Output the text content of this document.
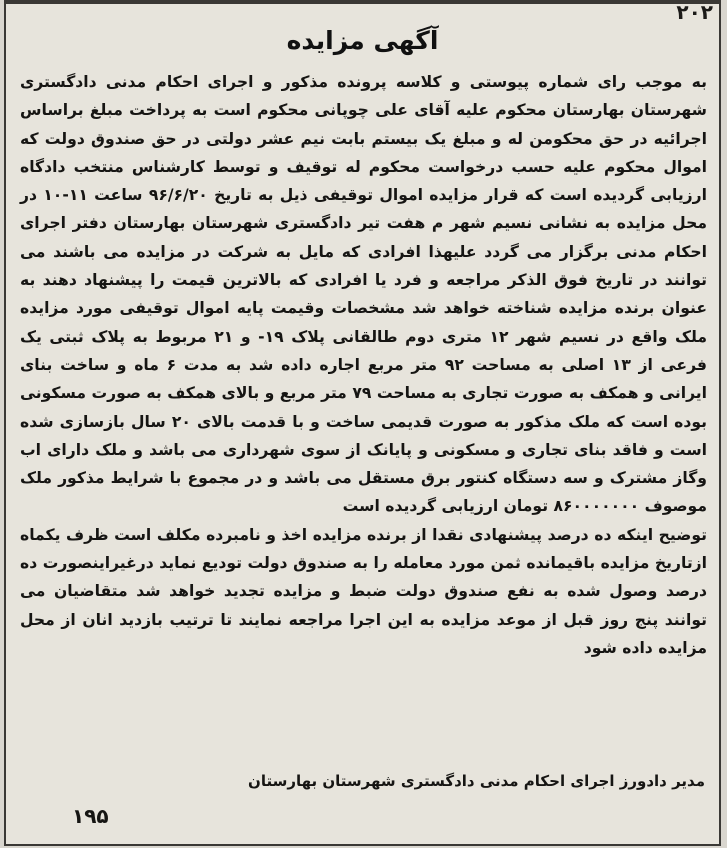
۲۰۲
آگهی مزایده

به موجب رای شماره پیوستی و کلاسه پرونده مذکور و اجرای احکام مدنی دادگستری شهرستان بهارستان محکوم علیه آقای علی چوپانی محکوم است به پرداخت مبلغ براساس اجرائیه در حق محکومن له و مبلغ یک بیستم بابت نیم عشر دولتی در حق صندوق دولت که اموال محکوم علیه حسب درخواست محکوم له توقیف و توسط کارشناس منتخب دادگاه ارزیابی گردیده است که قرار مزایده اموال توقیفی ذیل به تاریخ ۹۶/۶/۲۰ ساعت ۱۱-۱۰ در محل مزایده به نشانی نسیم شهر م هفت تیر دادگستری شهرستان بهارستان دفتر اجرای احکام مدنی برگزار می گردد علیهذا افرادی که مایل به شرکت در مزایده می باشند می توانند در تاریخ فوق الذکر مراجعه و فرد یا افرادی که بالاترین قیمت را پیشنهاد دهند به عنوان برنده مزایده شناخته خواهد شد مشخصات وقیمت پایه اموال توقیفی مورد مزایده ملک واقع در نسیم شهر ۱۲ متری دوم طالقانی پلاک ۱۹- و ۲۱ مربوط به پلاک ثبتی یک فرعی از ۱۳ اصلی به مساحت ۹۲ متر مربع اجاره داده شد به مدت ۶ ماه و ساخت بنای ایرانی و همکف به صورت تجاری به مساحت ۷۹ متر مربع و بالای همکف به صورت مسکونی بوده است که ملک مذکور به صورت قدیمی ساخت و با قدمت بالای ۲۰ سال بازسازی شده است و فاقد بنای تجاری و مسکونی و پایانک از سوی شهرداری می باشد و ملک دارای اب وگاز مشترک و سه دستگاه کنتور برق مستقل می باشد و در مجموع با شرایط مذکور ملک موصوف ۸۶۰۰۰۰۰۰۰ تومان ارزیابی گردیده است

توضیح اینکه ده درصد پیشنهادی نقدا از برنده مزایده اخذ و نامبرده مکلف است ظرف یکماه ازتاریخ مزایده باقیمانده ثمن مورد معامله را به صندوق دولت تودیع نماید درغیراینصورت ده درصد وصول شده به نفع صندوق دولت ضبط و مزایده تجدید خواهد شد متقاضیان می توانند پنج روز قبل از موعد مزایده به این اجرا مراجعه نمایند تا ترتیب بازدید انان از محل مزایده داده شود

مدیر دادورز اجرای احکام مدنی دادگستری شهرستان بهارستان
۱۹۵
